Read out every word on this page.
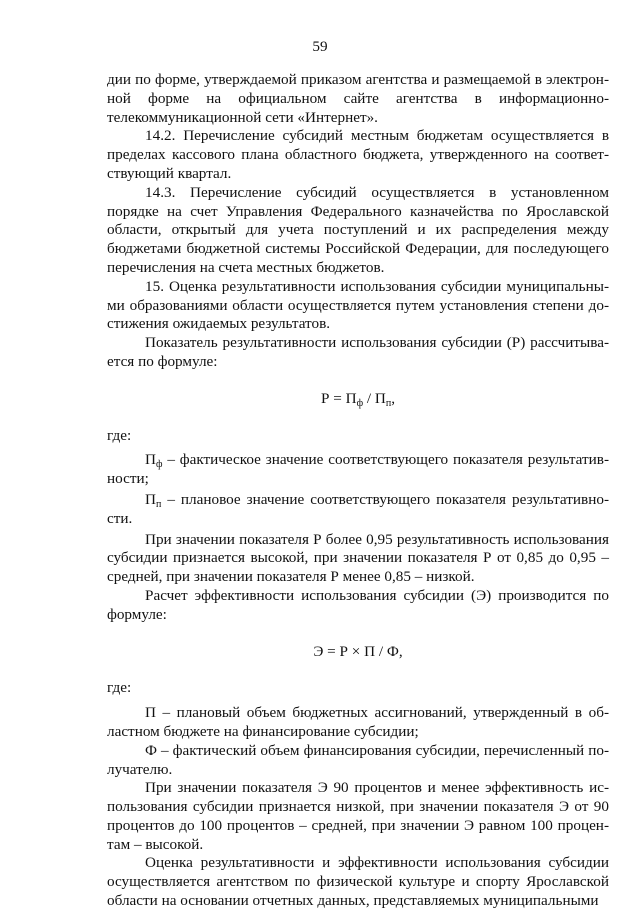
59

дии по форме, утверждаемой приказом агентства и размещаемой в электронной форме на официальном сайте агентства в информационно-телекоммуникационной сети «Интернет».

14.2. Перечисление субсидий местным бюджетам осуществляется в пределах кассового плана областного бюджета, утвержденного на соответствующий квартал.

14.3. Перечисление субсидий осуществляется в установленном порядке на счет Управления Федерального казначейства по Ярославской области, открытый для учета поступлений и их распределения между бюджетами бюджетной системы Российской Федерации, для последующего перечисления на счета местных бюджетов.

15. Оценка результативности использования субсидии муниципальными образованиями области осуществляется путем установления степени достижения ожидаемых результатов.

Показатель результативности использования субсидии (Р) рассчитывается по формуле:

$Р = П_ф / П_п$,

где:

$П_ф$ – фактическое значение соответствующего показателя результативности;

$П_п$ – плановое значение соответствующего показателя результативности.

При значении показателя Р более 0,95 результативность использования субсидии признается высокой, при значении показателя Р от 0,85 до 0,95 – средней, при значении показателя Р менее 0,85 – низкой.

Расчет эффективности использования субсидии (Э) производится по формуле:

Э = Р × П / Ф,

где:

П – плановый объем бюджетных ассигнований, утвержденный в областном бюджете на финансирование субсидии;

Ф – фактический объем финансирования субсидии, перечисленный получателю.

При значении показателя Э 90 процентов и менее эффективность использования субсидии признается низкой, при значении показателя Э от 90 процентов до 100 процентов – средней, при значении Э равном 100 процентам – высокой.

Оценка результативности и эффективности использования субсидии осуществляется агентством по физической культуре и спорту Ярославской области на основании отчетных данных, представляемых муниципальными
